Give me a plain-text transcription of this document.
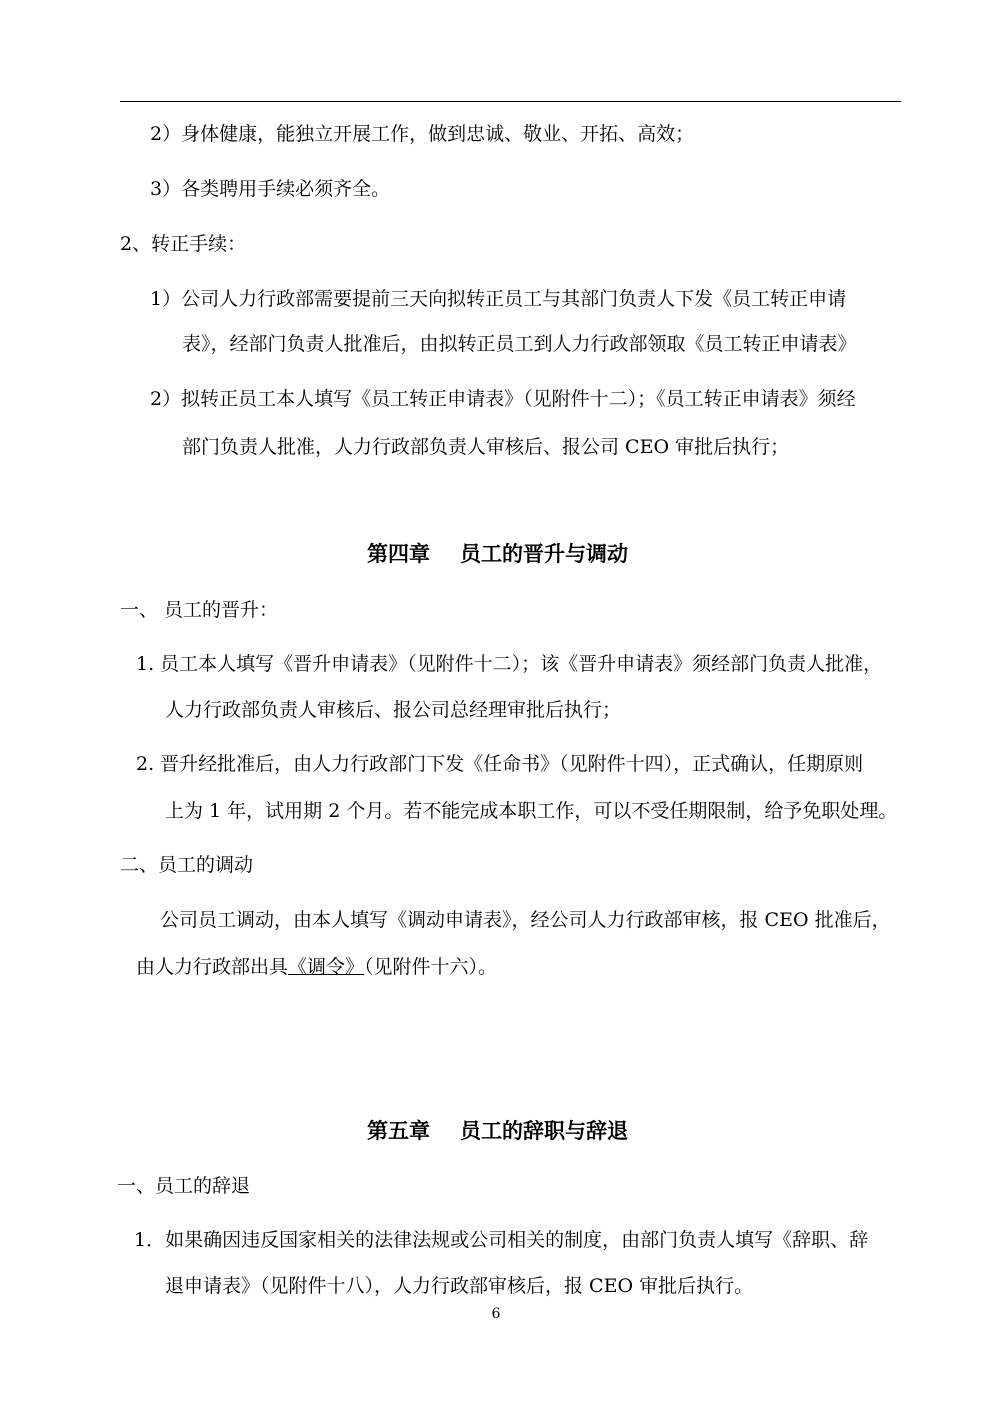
2）身体健康，能独立开展工作，做到忠诚、敬业、开拓、高效；
3）各类聘用手续必须齐全。
2、转正手续：
1）公司人力行政部需要提前三天向拟转正员工与其部门负责人下发《员工转正申请
表》，经部门负责人批准后，由拟转正员工到人力行政部领取《员工转正申请表》
2）拟转正员工本人填写《员工转正申请表》（见附件十二）；《员工转正申请表》须经
部门负责人批准，人力行政部负责人审核后、报公司 CEO 审批后执行；
第四章 员工的晋升与调动
一、 员工的晋升：
1. 员工本人填写《晋升申请表》（见附件十二）；该《晋升申请表》须经部门负责人批准，
人力行政部负责人审核后、报公司总经理审批后执行；
2. 晋升经批准后，由人力行政部门下发《任命书》（见附件十四），正式确认，任期原则
上为 1 年，试用期 2 个月。若不能完成本职工作，可以不受任期限制，给予免职处理。
二、员工的调动
公司员工调动，由本人填写《调动申请表》，经公司人力行政部审核，报 CEO 批准后，
由人力行政部出具《调令》（见附件十六）。
第五章 员工的辞职与辞退
一、员工的辞退
1．如果确因违反国家相关的法律法规或公司相关的制度，由部门负责人填写《辞职、辞
退申请表》（见附件十八），人力行政部审核后，报 CEO 审批后执行。
6
